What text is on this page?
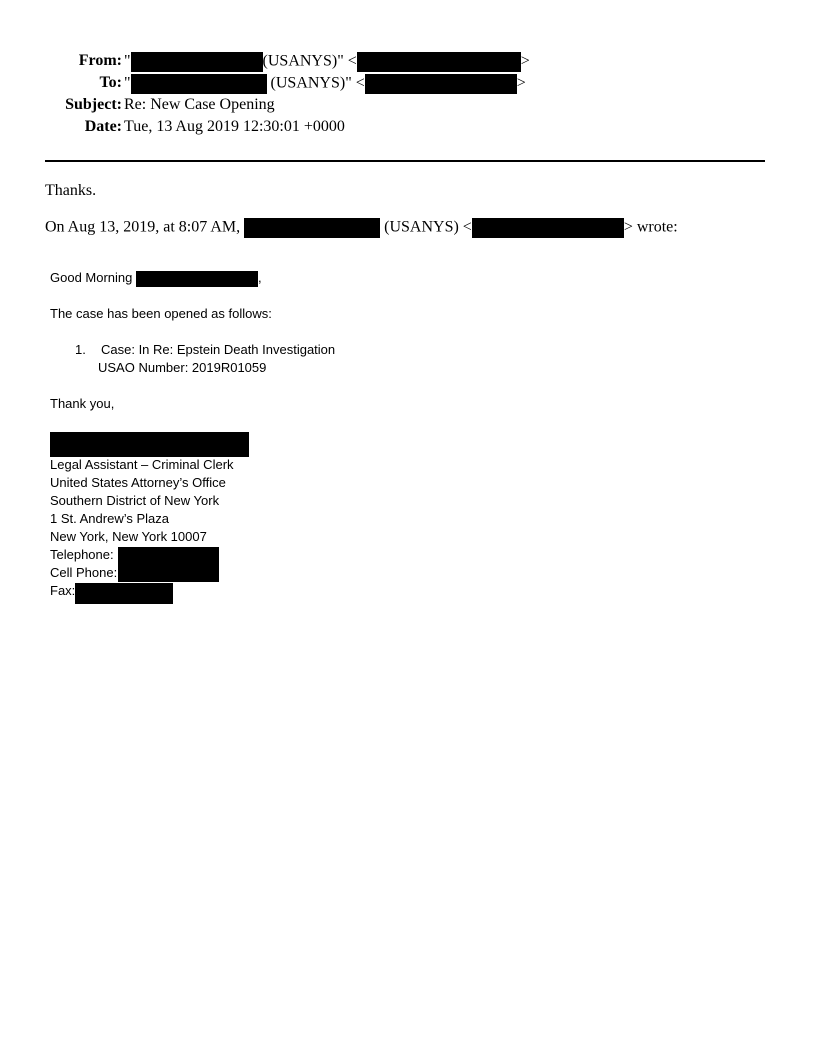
From: "	(USANYS)" <	>
To: "	(USANYS)" <	>
Subject: Re: New Case Opening
Date: Tue, 13 Aug 2019 12:30:01 +0000
Thanks.
On Aug 13, 2019, at 8:07 AM,	(USANYS) <	> wrote:
Good Morning	,
The case has been opened as follows:
1. Case: In Re: Epstein Death Investigation
USAO Number: 2019R01059
Thank you,
Legal Assistant – Criminal Clerk
United States Attorney’s Office
Southern District of New York
1 St. Andrew’s Plaza
New York, New York 10007
Telephone:
Cell Phone:
Fax:
